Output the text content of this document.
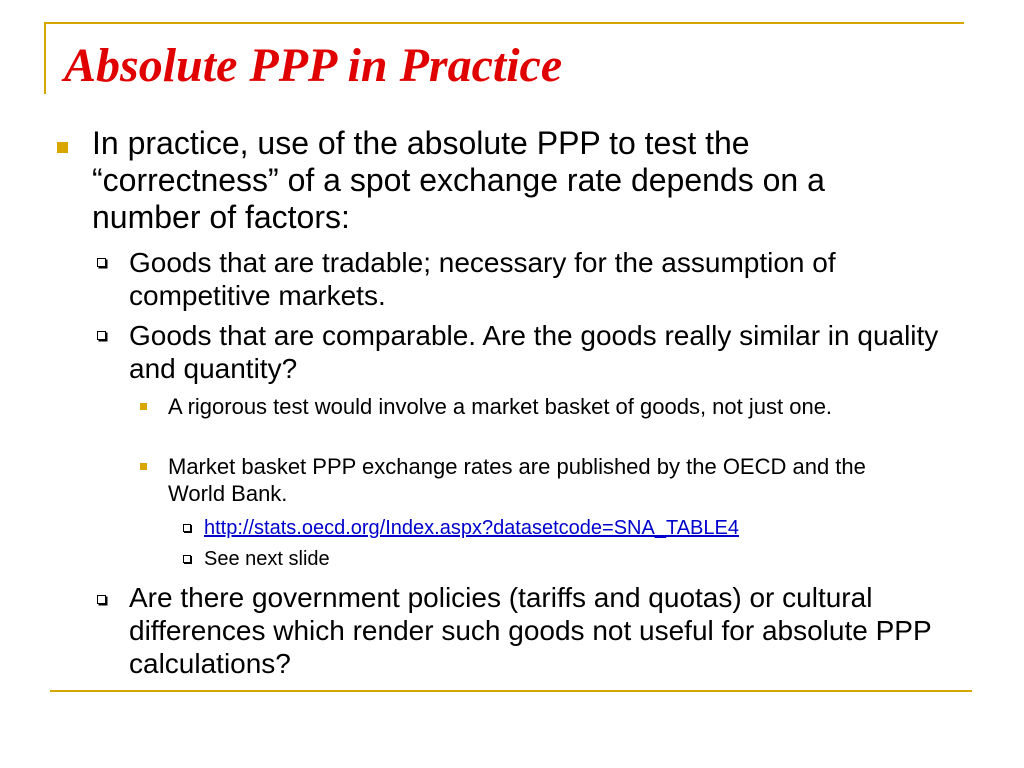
Absolute PPP in Practice
In practice, use of the absolute PPP to test the “correctness” of a spot exchange rate depends on a number of factors:
Goods that are tradable; necessary for the assumption of competitive markets.
Goods that are comparable. Are the goods really similar in quality and quantity?
A rigorous test would involve a market basket of goods, not just one.
Market basket PPP exchange rates are published by the OECD and the World Bank.
http://stats.oecd.org/Index.aspx?datasetcode=SNA_TABLE4
See next slide
Are there government policies (tariffs and quotas) or cultural differences which render such goods not useful for absolute PPP calculations?
